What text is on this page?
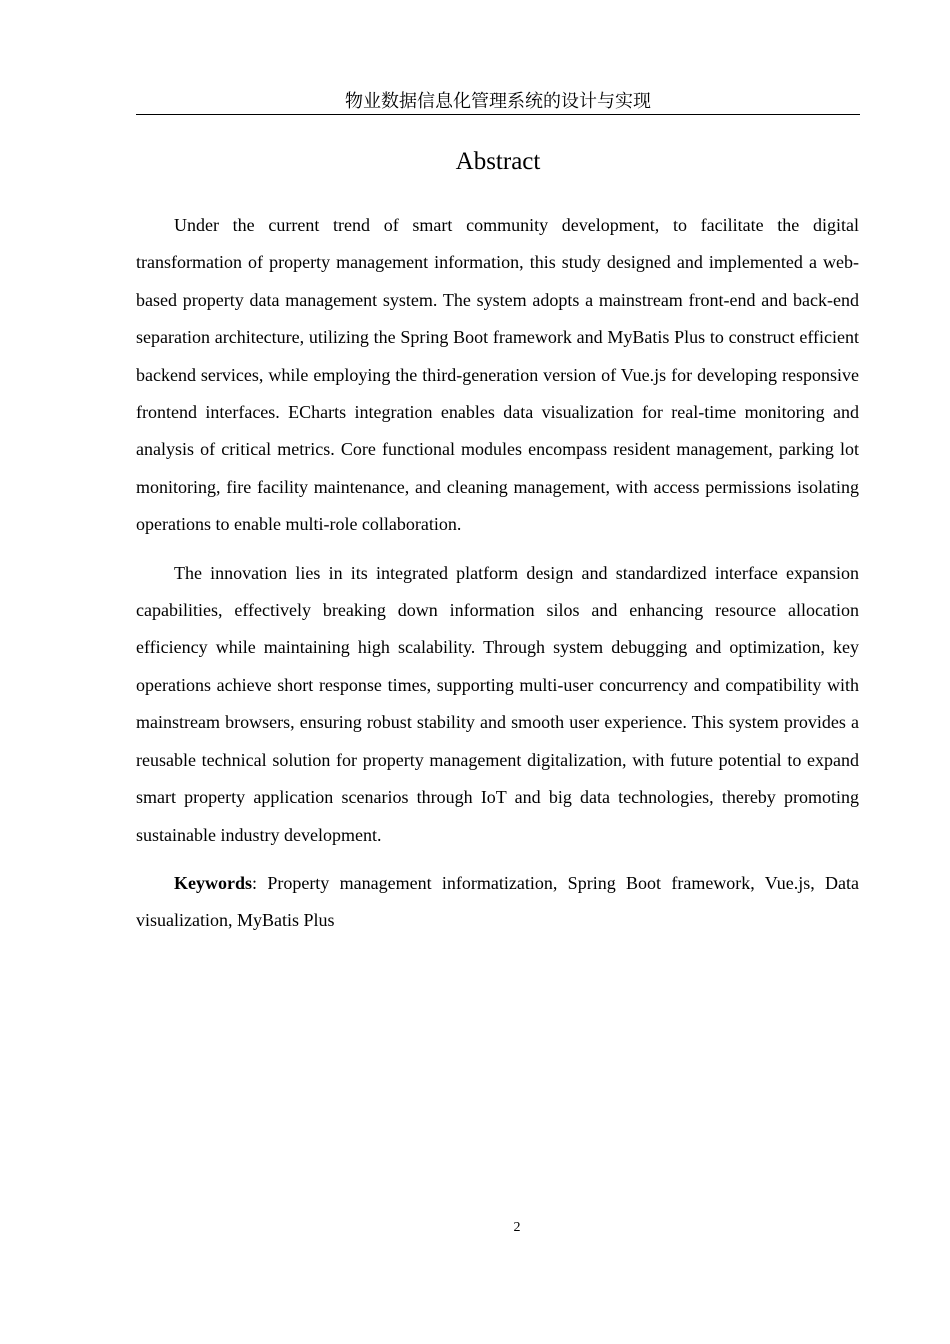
物业数据信息化管理系统的设计与实现
Abstract

Under the current trend of smart community development, to facilitate the digital transformation of property management information, this study designed and implemented a web-based property data management system. The system adopts a mainstream front-end and back-end separation architecture, utilizing the Spring Boot framework and MyBatis Plus to construct efficient backend services, while employing the third-generation version of Vue.js for developing responsive frontend interfaces. ECharts integration enables data visualization for real-time monitoring and analysis of critical metrics. Core functional modules encompass resident management, parking lot monitoring, fire facility maintenance, and cleaning management, with access permissions isolating operations to enable multi-role collaboration.

The innovation lies in its integrated platform design and standardized interface expansion capabilities, effectively breaking down information silos and enhancing resource allocation efficiency while maintaining high scalability. Through system debugging and optimization, key operations achieve short response times, supporting multi-user concurrency and compatibility with mainstream browsers, ensuring robust stability and smooth user experience. This system provides a reusable technical solution for property management digitalization, with future potential to expand smart property application scenarios through IoT and big data technologies, thereby promoting sustainable industry development.

Keywords: Property management informatization, Spring Boot framework, Vue.js, Data visualization, MyBatis Plus

2
